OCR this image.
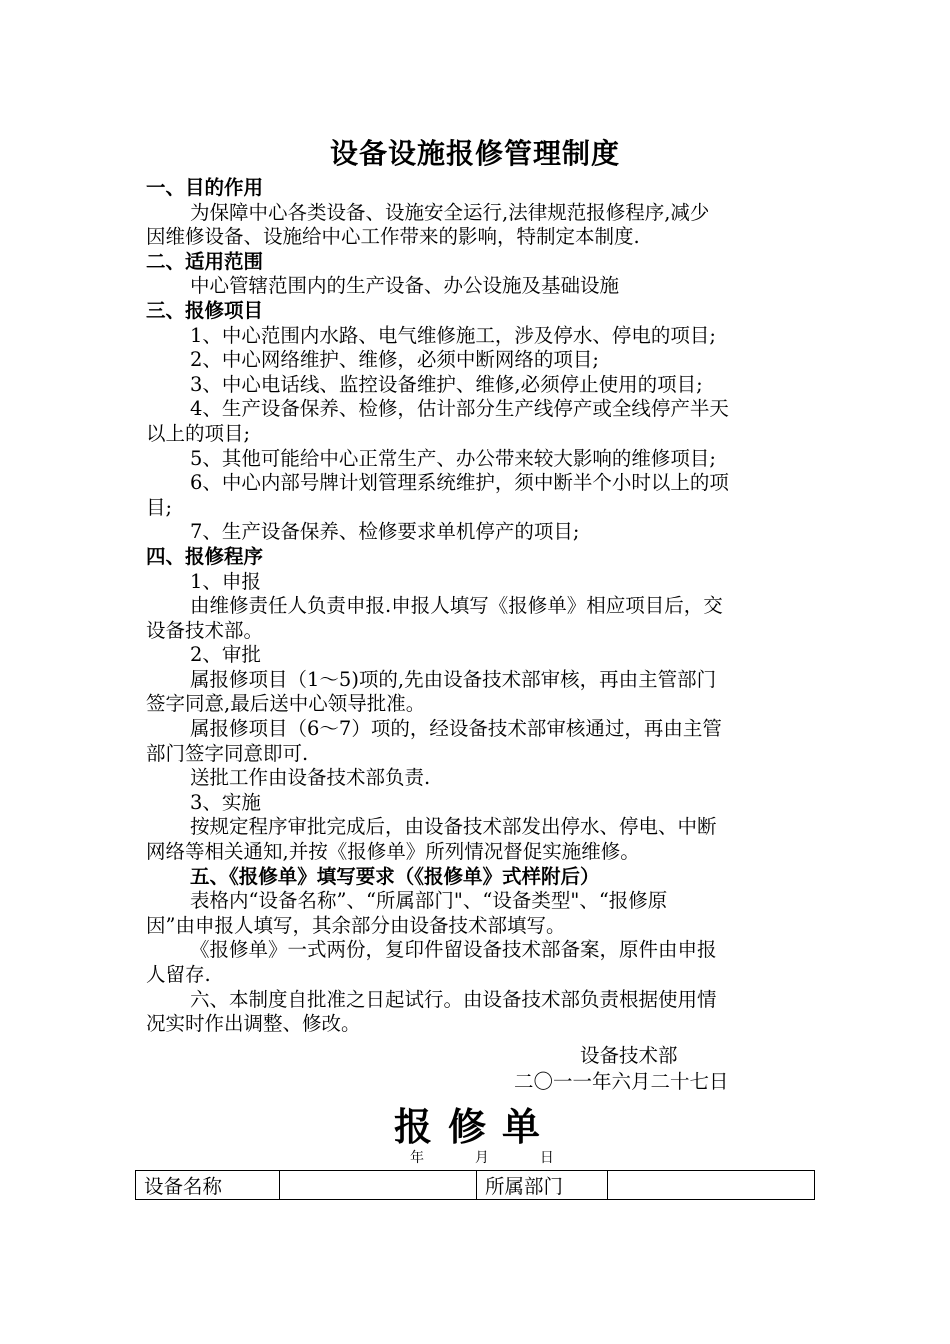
设备设施报修管理制度
一、目的作用
为保障中心各类设备、设施安全运行,法律规范报修程序,减少
因维修设备、设施给中心工作带来的影响，特制定本制度.
二、适用范围
中心管辖范围内的生产设备、办公设施及基础设施
三、报修项目
1、中心范围内水路、电气维修施工，涉及停水、停电的项目;
2、中心网络维护、维修，必须中断网络的项目;
3、中心电话线、监控设备维护、维修,必须停止使用的项目;
4、生产设备保养、检修，估计部分生产线停产或全线停产半天
以上的项目;
5、其他可能给中心正常生产、办公带来较大影响的维修项目;
6、中心内部号牌计划管理系统维护，须中断半个小时以上的项
目;
7、生产设备保养、检修要求单机停产的项目;
四、报修程序
1、申报
由维修责任人负责申报.申报人填写《报修单》相应项目后，交
设备技术部。
2、审批
属报修项目（1～5)项的,先由设备技术部审核，再由主管部门
签字同意,最后送中心领导批准。
属报修项目（6～7）项的，经设备技术部审核通过，再由主管
部门签字同意即可.
送批工作由设备技术部负责.
3、实施
按规定程序审批完成后，由设备技术部发出停水、停电、中断
网络等相关通知,并按《报修单》所列情况督促实施维修。
五、《报修单》填写要求（《报修单》式样附后）
表格内“设备名称”、“所属部门"、“设备类型"、“报修原
因”由申报人填写，其余部分由设备技术部填写。
《报修单》一式两份，复印件留设备技术部备案，原件由申报
人留存.
六、本制度自批准之日起试行。由设备技术部负责根据使用情
况实时作出调整、修改。
设备技术部
二〇一一年六月二十七日
报修单
年	月	日
设备名称		所属部门	
